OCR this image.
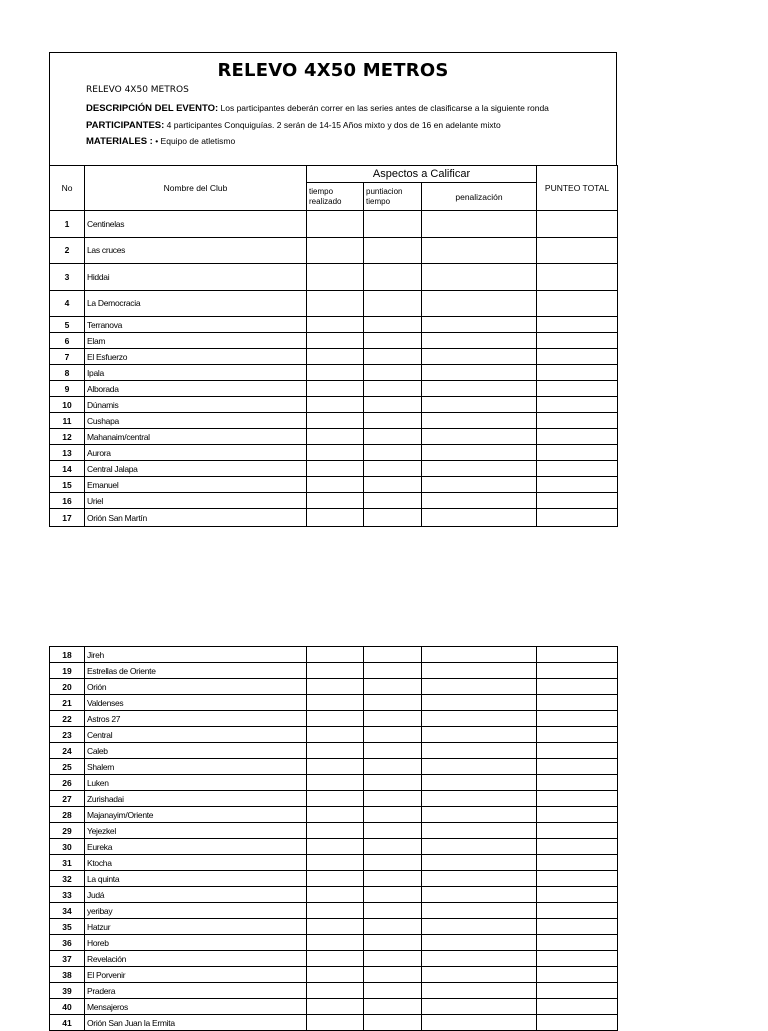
RELEVO 4X50 METROS
RELEVO 4X50 METROS
DESCRIPCIÓN DEL EVENTO: Los participantes deberán correr en las series antes de clasificarse a la siguiente ronda
PARTICIPANTES: 4 participantes Conquiguías. 2 serán de 14-15 Años mixto y dos de 16 en adelante mixto
MATERIALES : • Equipo de atletismo
No	Nombre del Club	Aspectos a Calificar			PUNTEO TOTAL
		tiempo realizado	puntiacion tiempo	penalización	
1	Centinelas				
2	Las cruces				
3	Hiddai				
4	La Democracia				
5	Terranova				
6	Elam				
7	El Esfuerzo				
8	Ipala				
9	Alborada				
10	Dúnamis				
11	Cushapa				
12	Mahanaim/central				
13	Aurora				
14	Central Jalapa				
15	Emanuel				
16	Uriel				
17	Orión San Martín				
18	Jireh				
19	Estrellas de Oriente				
20	Orión				
21	Valdenses				
22	Astros 27				
23	Central				
24	Caleb				
25	Shalem				
26	Luken				
27	Zurishadai				
28	Majanayim/Oriente				
29	Yejezkel				
30	Eureka				
31	Ktocha				
32	La quinta				
33	Judá				
34	yeribay				
35	Hatzur				
36	Horeb				
37	Revelación				
38	El Porvenir				
39	Pradera				
40	Mensajeros				
41	Orión San Juan la Ermita				
